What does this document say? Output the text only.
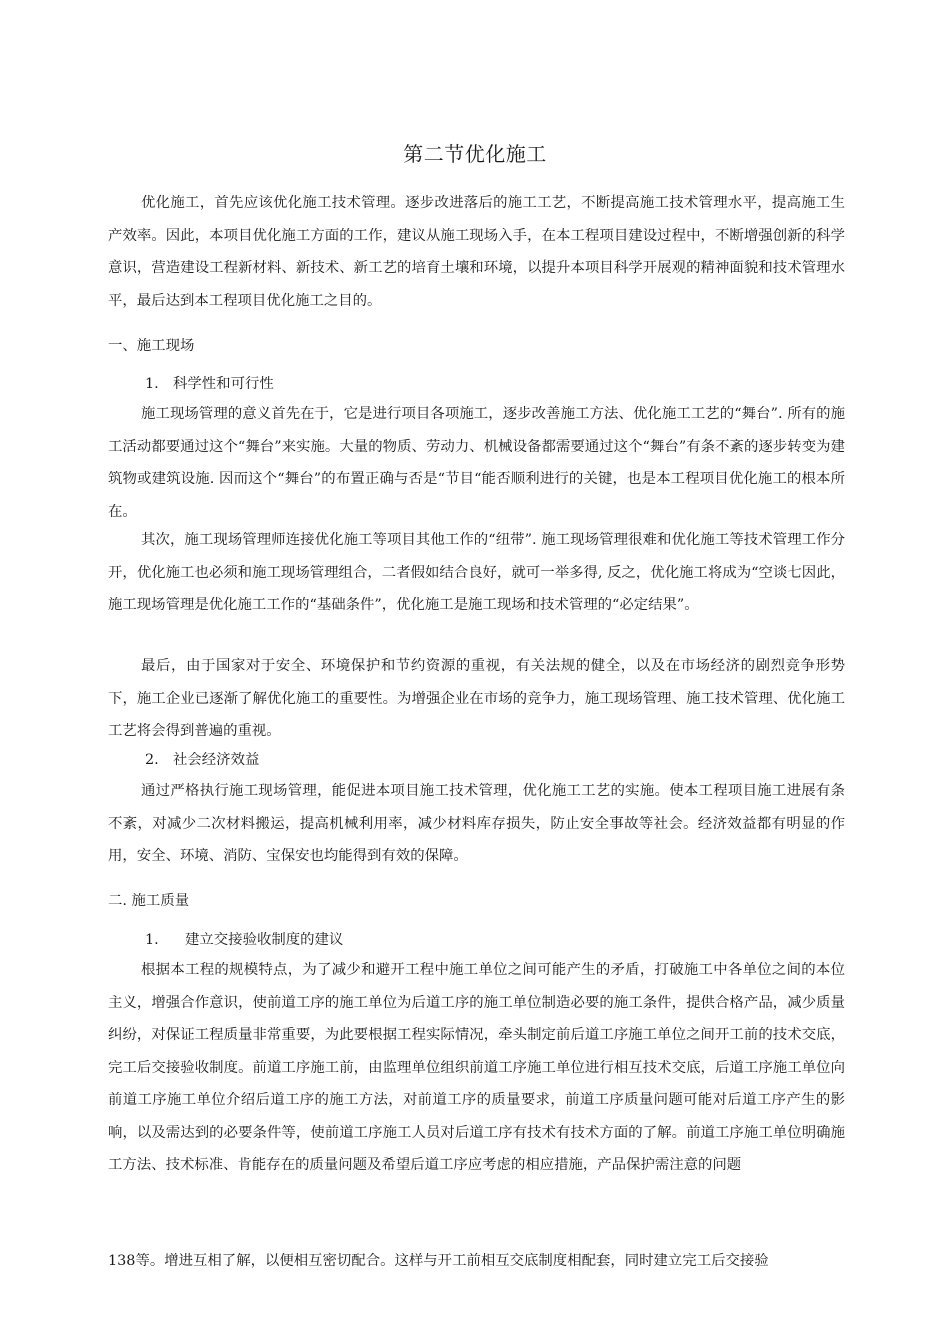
第二节优化施工

优化施工，首先应该优化施工技术管理。逐步改进落后的施工工艺，不断提高施工技术管理水平，提高施工生产效率。因此，本项目优化施工方面的工作，建议从施工现场入手，在本工程项目建设过程中，不断增强创新的科学意识，营造建设工程新材料、新技术、新工艺的培育土壤和环境，以提升本项目科学开展观的精神面貌和技术管理水平，最后达到本工程项目优化施工之目的。

一、施工现场

1. 科学性和可行性

施工现场管理的意义首先在于，它是进行项目各项施工，逐步改善施工方法、优化施工工艺的“舞台”. 所有的施工活动都要通过这个“舞台”来实施。大量的物质、劳动力、机械设备都需要通过这个“舞台”有条不紊的逐步转变为建筑物或建筑设施. 因而这个“舞台”的布置正确与否是“节目“能否顺利进行的关键，也是本工程项目优化施工的根本所在。

其次，施工现场管理师连接优化施工等项目其他工作的“纽带”. 施工现场管理很难和优化施工等技术管理工作分开，优化施工也必须和施工现场管理组合，二者假如结合良好，就可一举多得, 反之，优化施工将成为“空谈七因此，施工现场管理是优化施工工作的“基础条件”，优化施工是施工现场和技术管理的“必定结果”。

最后，由于国家对于安全、环境保护和节约资源的重视，有关法规的健全，以及在市场经济的剧烈竞争形势下，施工企业已逐渐了解优化施工的重要性。为增强企业在市场的竞争力，施工现场管理、施工技术管理、优化施工工艺将会得到普遍的重视。

2. 社会经济效益

通过严格执行施工现场管理，能促进本项目施工技术管理，优化施工工艺的实施。使本工程项目施工进展有条不紊，对减少二次材料搬运，提高机械利用率，减少材料库存损失，防止安全事故等社会。经济效益都有明显的作用，安全、环境、消防、宝保安也均能得到有效的保障。

二. 施工质量

1. 建立交接验收制度的建议

根据本工程的规模特点，为了减少和避开工程中施工单位之间可能产生的矛盾，打破施工中各单位之间的本位主义，增强合作意识，使前道工序的施工单位为后道工序的施工单位制造必要的施工条件，提供合格产品，减少质量纠纷，对保证工程质量非常重要，为此要根据工程实际情况，牵头制定前后道工序施工单位之间开工前的技术交底，完工后交接验收制度。前道工序施工前，由监理单位组织前道工序施工单位进行相互技术交底，后道工序施工单位向前道工序施工单位介绍后道工序的施工方法，对前道工序的质量要求，前道工序质量问题可能对后道工序产生的影响，以及需达到的必要条件等，使前道工序施工人员对后道工序有技术有技术方面的了解。前道工序施工单位明确施工方法、技术标准、肯能存在的质量问题及希望后道工序应考虑的相应措施，产品保护需注意的问题

138等。增进互相了解，以便相互密切配合。这样与开工前相互交底制度相配套，同时建立完工后交接验
